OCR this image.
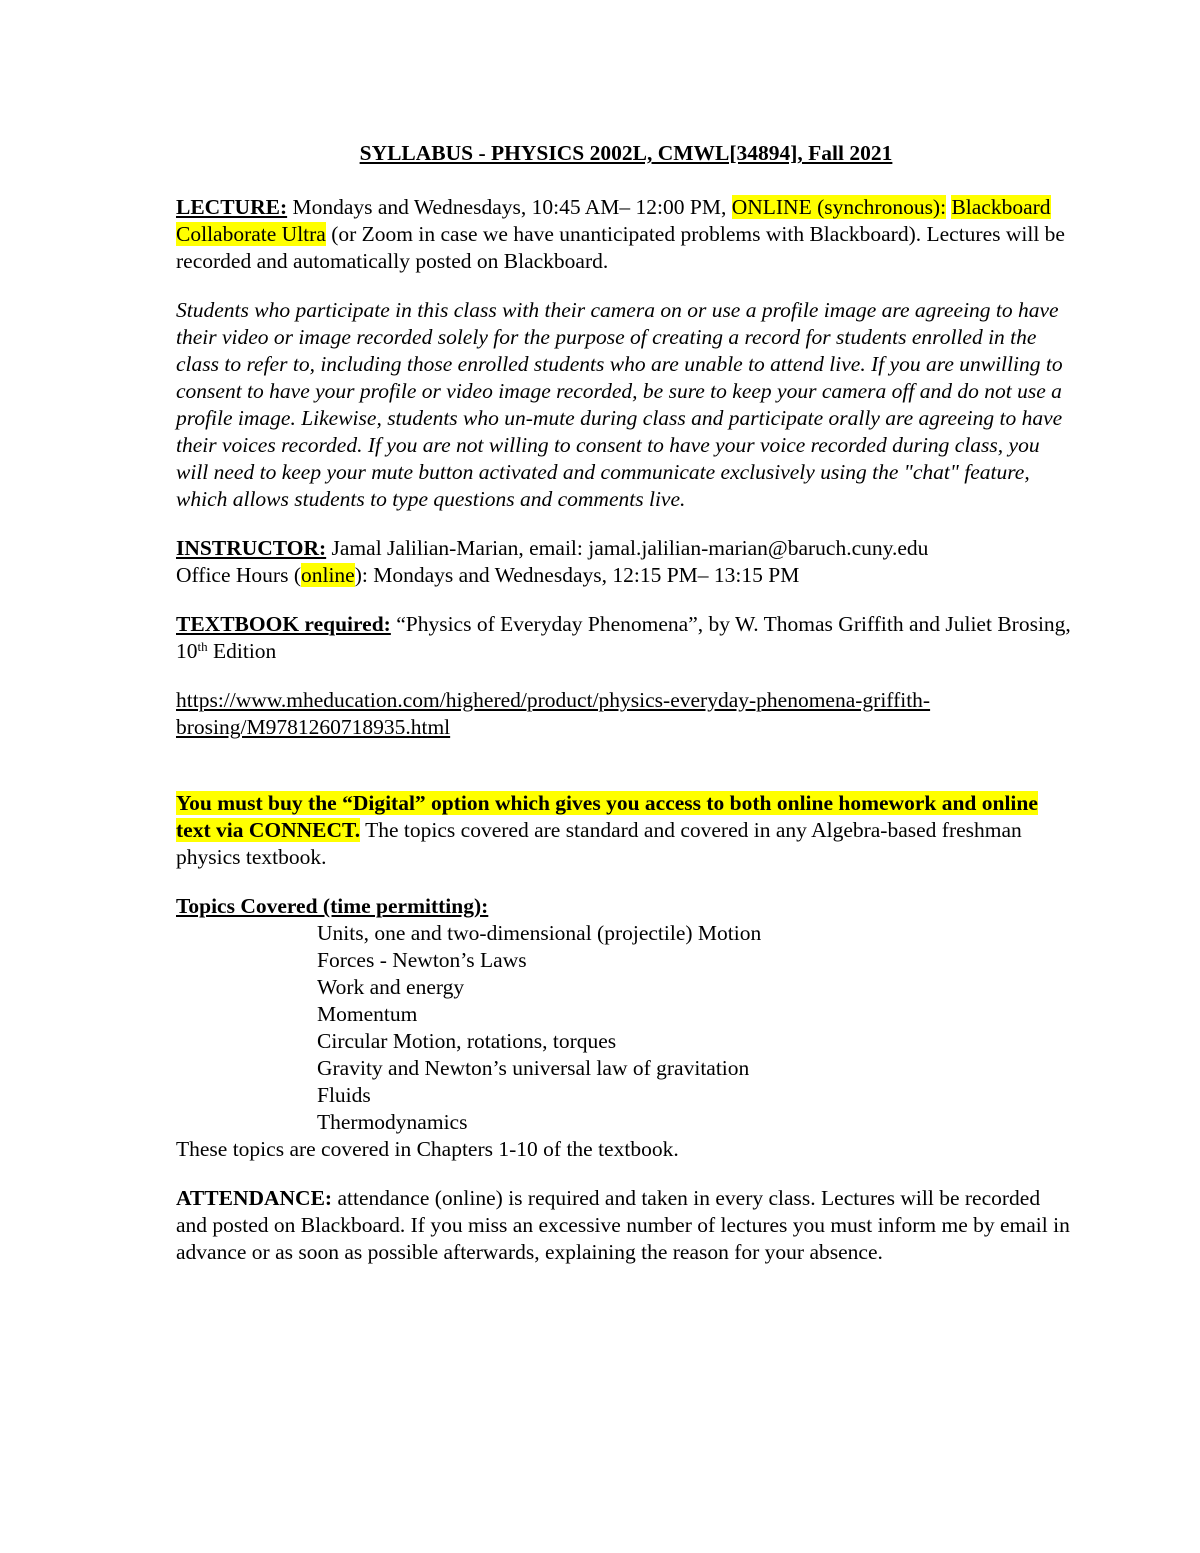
SYLLABUS - PHYSICS 2002L, CMWL[34894], Fall 2021

LECTURE: Mondays and Wednesdays, 10:45 AM– 12:00 PM, ONLINE (synchronous): Blackboard Collaborate Ultra (or Zoom in case we have unanticipated problems with Blackboard). Lectures will be recorded and automatically posted on Blackboard.

Students who participate in this class with their camera on or use a profile image are agreeing to have their video or image recorded solely for the purpose of creating a record for students enrolled in the class to refer to, including those enrolled students who are unable to attend live. If you are unwilling to consent to have your profile or video image recorded, be sure to keep your camera off and do not use a profile image. Likewise, students who un-mute during class and participate orally are agreeing to have their voices recorded. If you are not willing to consent to have your voice recorded during class, you will need to keep your mute button activated and communicate exclusively using the "chat" feature, which allows students to type questions and comments live.

INSTRUCTOR: Jamal Jalilian-Marian, email: jamal.jalilian-marian@baruch.cuny.edu
Office Hours (online): Mondays and Wednesdays, 12:15 PM– 13:15 PM

TEXTBOOK required: “Physics of Everyday Phenomena”, by W. Thomas Griffith and Juliet Brosing, 10th Edition

https://www.mheducation.com/highered/product/physics-everyday-phenomena-griffith-brosing/M9781260718935.html

You must buy the “Digital” option which gives you access to both online homework and online text via CONNECT. The topics covered are standard and covered in any Algebra-based freshman physics textbook.

Topics Covered (time permitting):
Units, one and two-dimensional (projectile) Motion
Forces - Newton’s Laws
Work and energy
Momentum
Circular Motion, rotations, torques
Gravity and Newton’s universal law of gravitation
Fluids
Thermodynamics
These topics are covered in Chapters 1-10 of the textbook.

ATTENDANCE: attendance (online) is required and taken in every class. Lectures will be recorded and posted on Blackboard. If you miss an excessive number of lectures you must inform me by email in advance or as soon as possible afterwards, explaining the reason for your absence.
